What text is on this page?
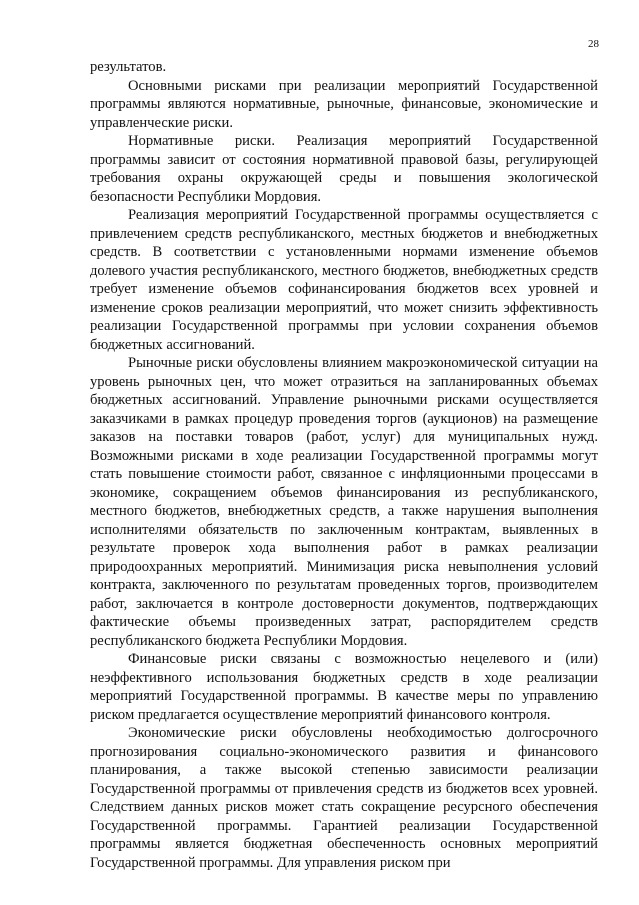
28

результатов.

Основными рисками при реализации мероприятий Государственной программы являются нормативные, рыночные, финансовые, экономические и управленческие риски.

Нормативные риски. Реализация мероприятий Государственной программы зависит от состояния нормативной правовой базы, регулирующей требования охраны окружающей среды и повышения экологической безопасности Республики Мордовия.

Реализация мероприятий Государственной программы осуществляется с привлечением средств республиканского, местных бюджетов и внебюджетных средств. В соответствии с установленными нормами изменение объемов долевого участия республиканского, местного бюджетов, внебюджетных средств требует изменение объемов софинансирования бюджетов всех уровней и изменение сроков реализации мероприятий, что может снизить эффективность реализации Государственной программы при условии сохранения объемов бюджетных ассигнований.

Рыночные риски обусловлены влиянием макроэкономической ситуации на уровень рыночных цен, что может отразиться на запланированных объемах бюджетных ассигнований. Управление рыночными рисками осуществляется заказчиками в рамках процедур проведения торгов (аукционов) на размещение заказов на поставки товаров (работ, услуг) для муниципальных нужд. Возможными рисками в ходе реализации Государственной программы могут стать повышение стоимости работ, связанное с инфляционными процессами в экономике, сокращением объемов финансирования из республиканского, местного бюджетов, внебюджетных средств, а также нарушения выполнения исполнителями обязательств по заключенным контрактам, выявленных в результате проверок хода выполнения работ в рамках реализации природоохранных мероприятий. Минимизация риска невыполнения условий контракта, заключенного по результатам проведенных торгов, производителем работ, заключается в контроле достоверности документов, подтверждающих фактические объемы произведенных затрат, распорядителем средств республиканского бюджета Республики Мордовия.

Финансовые риски связаны с возможностью нецелевого и (или) неэффективного использования бюджетных средств в ходе реализации мероприятий Государственной программы. В качестве меры по управлению риском предлагается осуществление мероприятий финансового контроля.

Экономические риски обусловлены необходимостью долгосрочного прогнозирования социально-экономического развития и финансового планирования, а также высокой степенью зависимости реализации Государственной программы от привлечения средств из бюджетов всех уровней. Следствием данных рисков может стать сокращение ресурсного обеспечения Государственной программы. Гарантией реализации Государственной программы является бюджетная обеспеченность основных мероприятий Государственной программы. Для управления риском при
